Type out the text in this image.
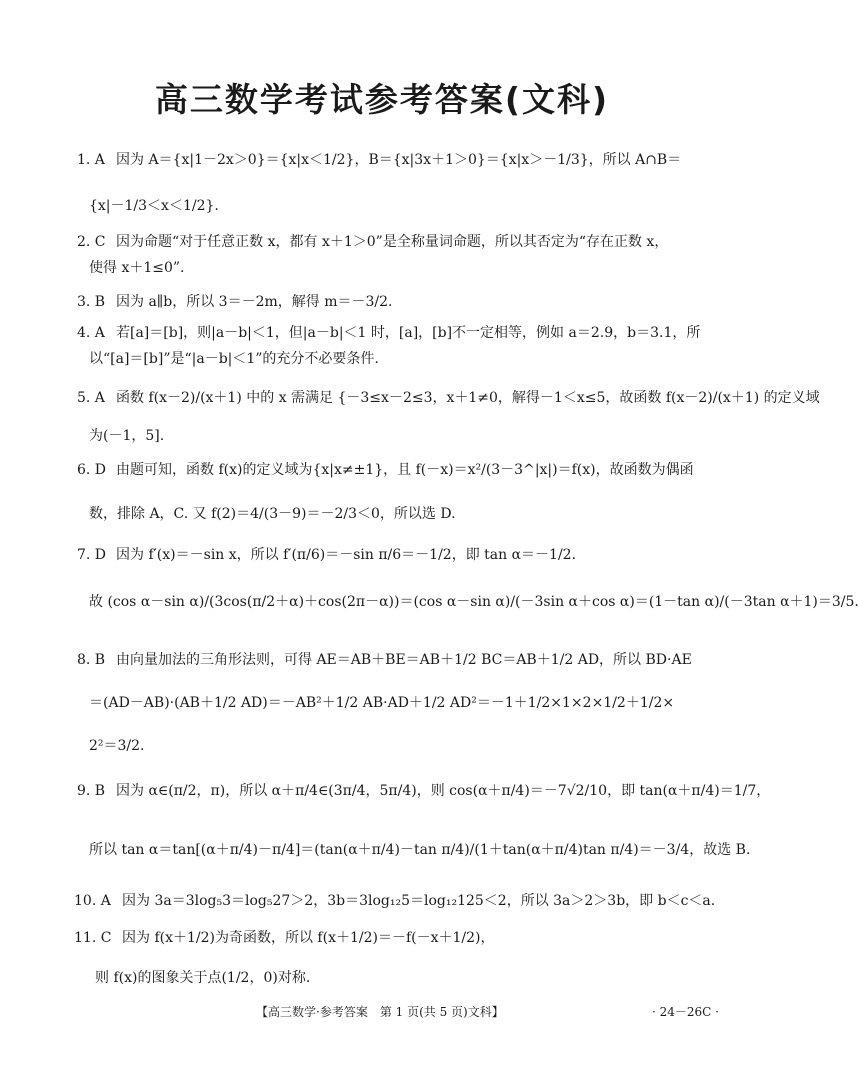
高三数学考试参考答案(文科)
1. A 因为 A＝{x|1－2x＞0}＝{x|x＜1/2}，B＝{x|3x＋1＞0}＝{x|x＞－1/3}，所以 A∩B＝
{x|－1/3＜x＜1/2}.
2. C 因为命题“对于任意正数 x，都有 x＋1＞0”是全称量词命题，所以其否定为“存在正数 x，
使得 x＋1≤0”.
3. B 因为 a∥b，所以 3＝－2m，解得 m＝－3/2.
4. A 若[a]＝[b]，则|a－b|＜1，但|a－b|＜1 时，[a]，[b]不一定相等，例如 a＝2.9，b＝3.1，所
以“[a]＝[b]”是“|a－b|＜1”的充分不必要条件.
5. A 函数 f(x－2)/(x＋1) 中的 x 需满足 {－3≤x－2≤3，x＋1≠0，解得－1＜x≤5，故函数 f(x－2)/(x＋1) 的定义域
为(－1，5].
6. D 由题可知，函数 f(x)的定义域为{x|x≠±1}，且 f(－x)＝x²/(3－3^|x|)＝f(x)，故函数为偶函
数，排除 A，C. 又 f(2)＝4/(3－9)＝－2/3＜0，所以选 D.
7. D 因为 f′(x)＝－sin x，所以 f′(π/6)＝－sin π/6＝－1/2，即 tan α＝－1/2.
故 (cos α－sin α)/(3cos(π/2＋α)＋cos(2π－α))＝(cos α－sin α)/(－3sin α＋cos α)＝(1－tan α)/(－3tan α＋1)＝3/5.
8. B 由向量加法的三角形法则，可得 AE＝AB＋BE＝AB＋1/2 BC＝AB＋1/2 AD，所以 BD·AE
＝(AD－AB)·(AB＋1/2 AD)＝－AB²＋1/2 AB·AD＋1/2 AD²＝－1＋1/2×1×2×1/2＋1/2×
2²＝3/2.
9. B 因为 α∈(π/2，π)，所以 α＋π/4∈(3π/4，5π/4)，则 cos(α＋π/4)＝－7√2/10，即 tan(α＋π/4)＝1/7，
所以 tan α＝tan[(α＋π/4)－π/4]＝(tan(α＋π/4)－tan π/4)/(1＋tan(α＋π/4)tan π/4)＝－3/4，故选 B.
10. A 因为 3a＝3log₅3＝log₅27＞2，3b＝3log₁₂5＝log₁₂125＜2，所以 3a＞2＞3b，即 b＜c＜a.
11. C 因为 f(x＋1/2)为奇函数，所以 f(x＋1/2)＝－f(－x＋1/2)，
则 f(x)的图象关于点(1/2，0)对称.
【高三数学·参考答案　第 1 页(共 5 页)文科】	· 24－26C ·
